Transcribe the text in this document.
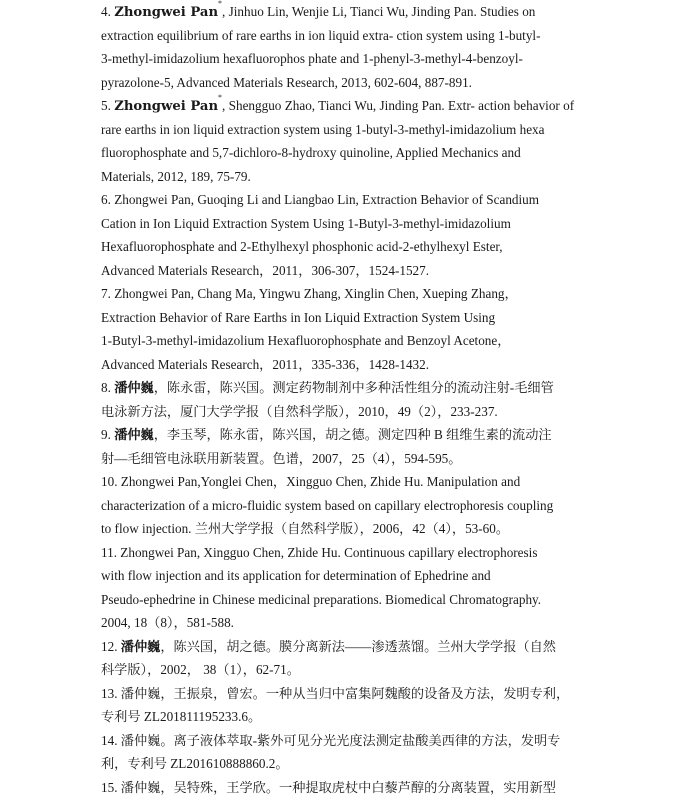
4. Zhongwei Pan*, Jinhuo Lin, Wenjie Li, Tianci Wu, Jinding Pan. Studies on
extraction equilibrium of rare earths in ion liquid extra- ction system using 1-butyl-
3-methyl-imidazolium hexafluorophos phate and 1-phenyl-3-methyl-4-benzoyl-
pyrazolone-5, Advanced Materials Research, 2013, 602-604, 887-891.
5. Zhongwei Pan*, Shengguo Zhao, Tianci Wu, Jinding Pan. Extr- action behavior of
rare earths in ion liquid extraction system using 1-butyl-3-methyl-imidazolium hexa
fluorophosphate and 5,7-dichloro-8-hydroxy quinoline, Applied Mechanics and
Materials, 2012, 189, 75-79.
6. Zhongwei Pan, Guoqing Li and Liangbao Lin, Extraction Behavior of Scandium
Cation in Ion Liquid Extraction System Using 1-Butyl-3-methyl-imidazolium
Hexafluorophosphate and 2-Ethylhexyl phosphonic acid-2-ethylhexyl Ester,
Advanced Materials Research，2011，306-307，1524-1527.
7. Zhongwei Pan, Chang Ma, Yingwu Zhang, Xinglin Chen, Xueping Zhang，
Extraction Behavior of Rare Earths in Ion Liquid Extraction System Using
1-Butyl-3-methyl-imidazolium Hexafluorophosphate and Benzoyl Acetone，
Advanced Materials Research，2011，335-336，1428-1432.
8. 潘仲巍，陈永雷，陈兴国。测定药物制剂中多种活性组分的流动注射-毛细管
电泳新方法，厦门大学学报（自然科学版），2010，49（2），233-237.
9. 潘仲巍，李玉琴，陈永雷，陈兴国，胡之德。测定四种 B 组维生素的流动注
射—毛细管电泳联用新装置。色谱，2007，25（4），594-595。
10. Zhongwei Pan,Yonglei Chen，Xingguo Chen, Zhide Hu. Manipulation and
characterization of a micro-fluidic system based on capillary electrophoresis coupling
to flow injection. 兰州大学学报（自然科学版），2006，42（4），53-60。
11. Zhongwei Pan, Xingguo Chen, Zhide Hu. Continuous capillary electrophoresis
with flow injection and its application for determination of Ephedrine and
Pseudo-ephedrine in Chinese medicinal preparations. Biomedical Chromatography.
2004, 18（8），581-588.
12. 潘仲巍，陈兴国，胡之德。膜分离新法——渗透蒸馏。兰州大学学报（自然
科学版），2002， 38（1），62-71。
13. 潘仲巍，王振泉，曾宏。一种从当归中富集阿魏酸的设备及方法，发明专利，
专利号 ZL201811195233.6。
14. 潘仲巍。离子液体萃取-紫外可见分光光度法测定盐酸美西律的方法，发明专
利，专利号 ZL201610888860.2。
15. 潘仲巍，吴特殊，王学欣。一种提取虎杖中白藜芦醇的分离装置，实用新型
